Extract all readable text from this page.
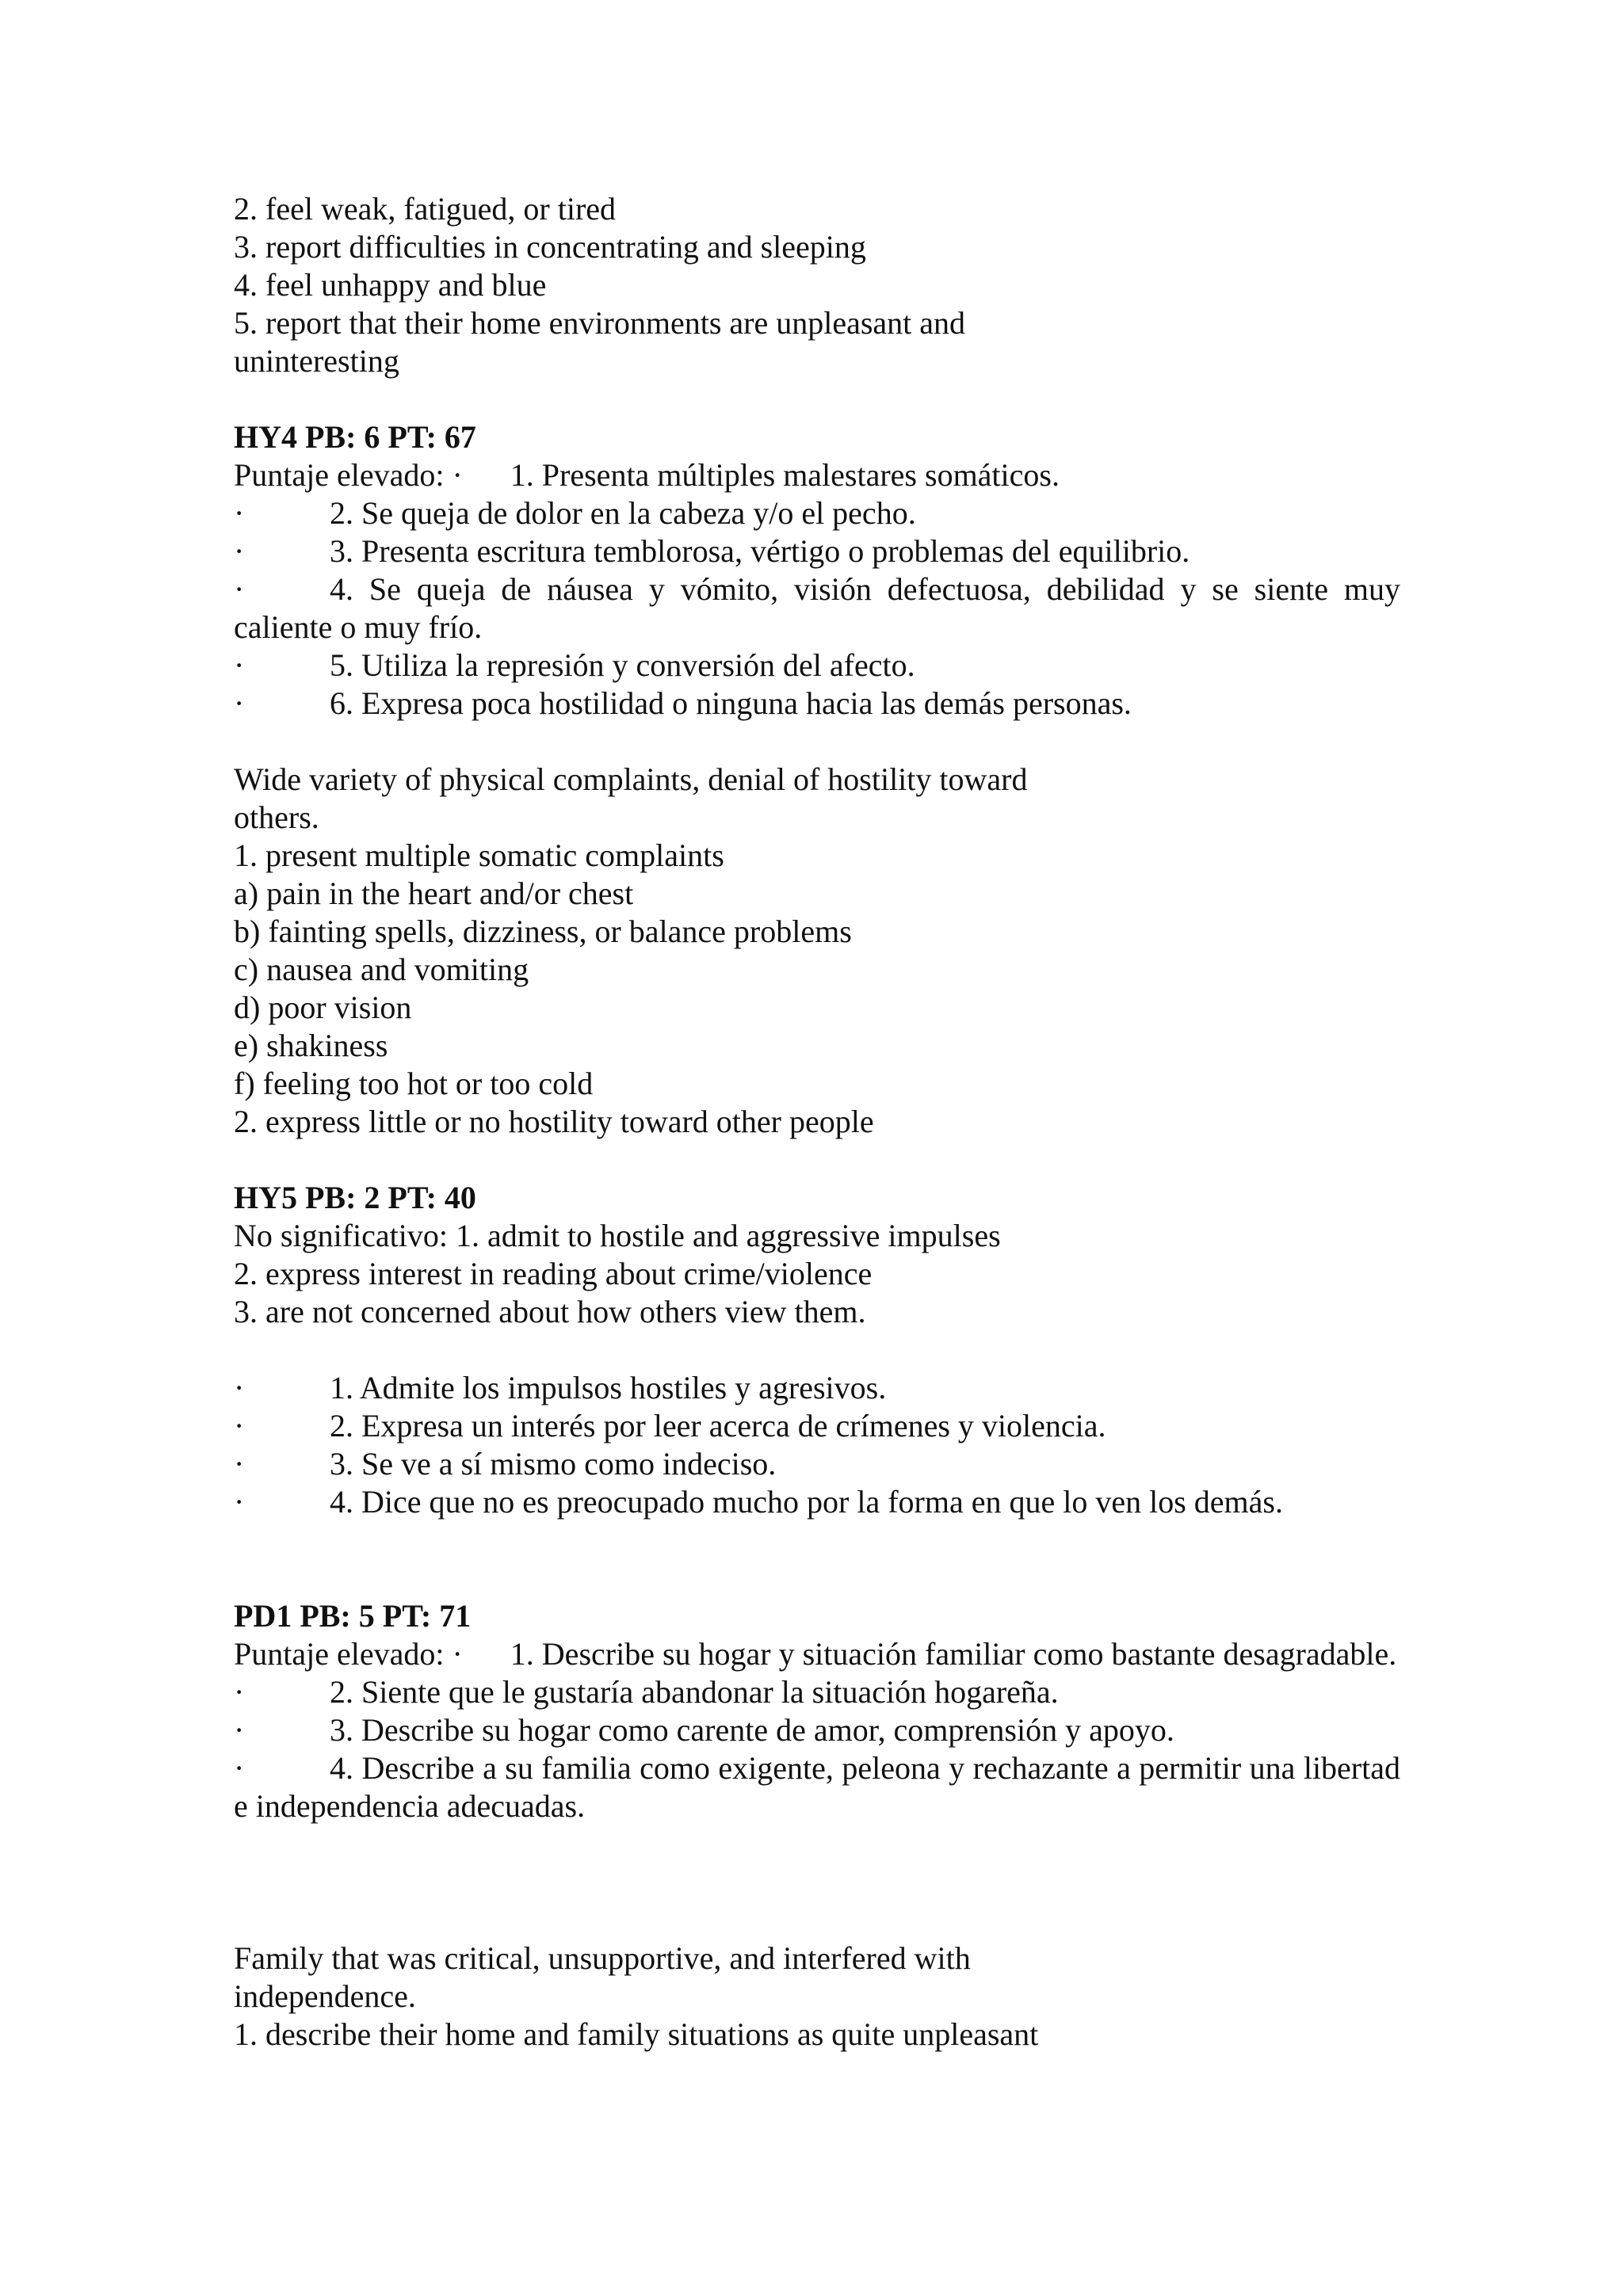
2. feel weak, fatigued, or tired
3. report difficulties in concentrating and sleeping
4. feel unhappy and blue
5. report that their home environments are unpleasant and
uninteresting
HY4 PB: 6 PT: 67
Puntaje elevado: · 1. Presenta múltiples malestares somáticos.
·	2. Se queja de dolor en la cabeza y/o el pecho.
·	3. Presenta escritura temblorosa, vértigo o problemas del equilibrio.
·	4. Se queja de náusea y vómito, visión defectuosa, debilidad y se siente muy caliente o muy frío.
·	5. Utiliza la represión y conversión del afecto.
·	6. Expresa poca hostilidad o ninguna hacia las demás personas.
Wide variety of physical complaints, denial of hostility toward
others.
1. present multiple somatic complaints
a) pain in the heart and/or chest
b) fainting spells, dizziness, or balance problems
c) nausea and vomiting
d) poor vision
e) shakiness
f) feeling too hot or too cold
2. express little or no hostility toward other people
HY5 PB: 2 PT: 40
No significativo: 1. admit to hostile and aggressive impulses
2. express interest in reading about crime/violence
3. are not concerned about how others view them.
·	1. Admite los impulsos hostiles y agresivos.
·	2. Expresa un interés por leer acerca de crímenes y violencia.
·	3. Se ve a sí mismo como indeciso.
·	4. Dice que no es preocupado mucho por la forma en que lo ven los demás.
PD1 PB: 5 PT: 71
Puntaje elevado: · 1. Describe su hogar y situación familiar como bastante desagradable.
·	2. Siente que le gustaría abandonar la situación hogareña.
·	3. Describe su hogar como carente de amor, comprensión y apoyo.
·	4. Describe a su familia como exigente, peleona y rechazante a permitir una libertad e independencia adecuadas.
Family that was critical, unsupportive, and interfered with
independence.
1. describe their home and family situations as quite unpleasant
